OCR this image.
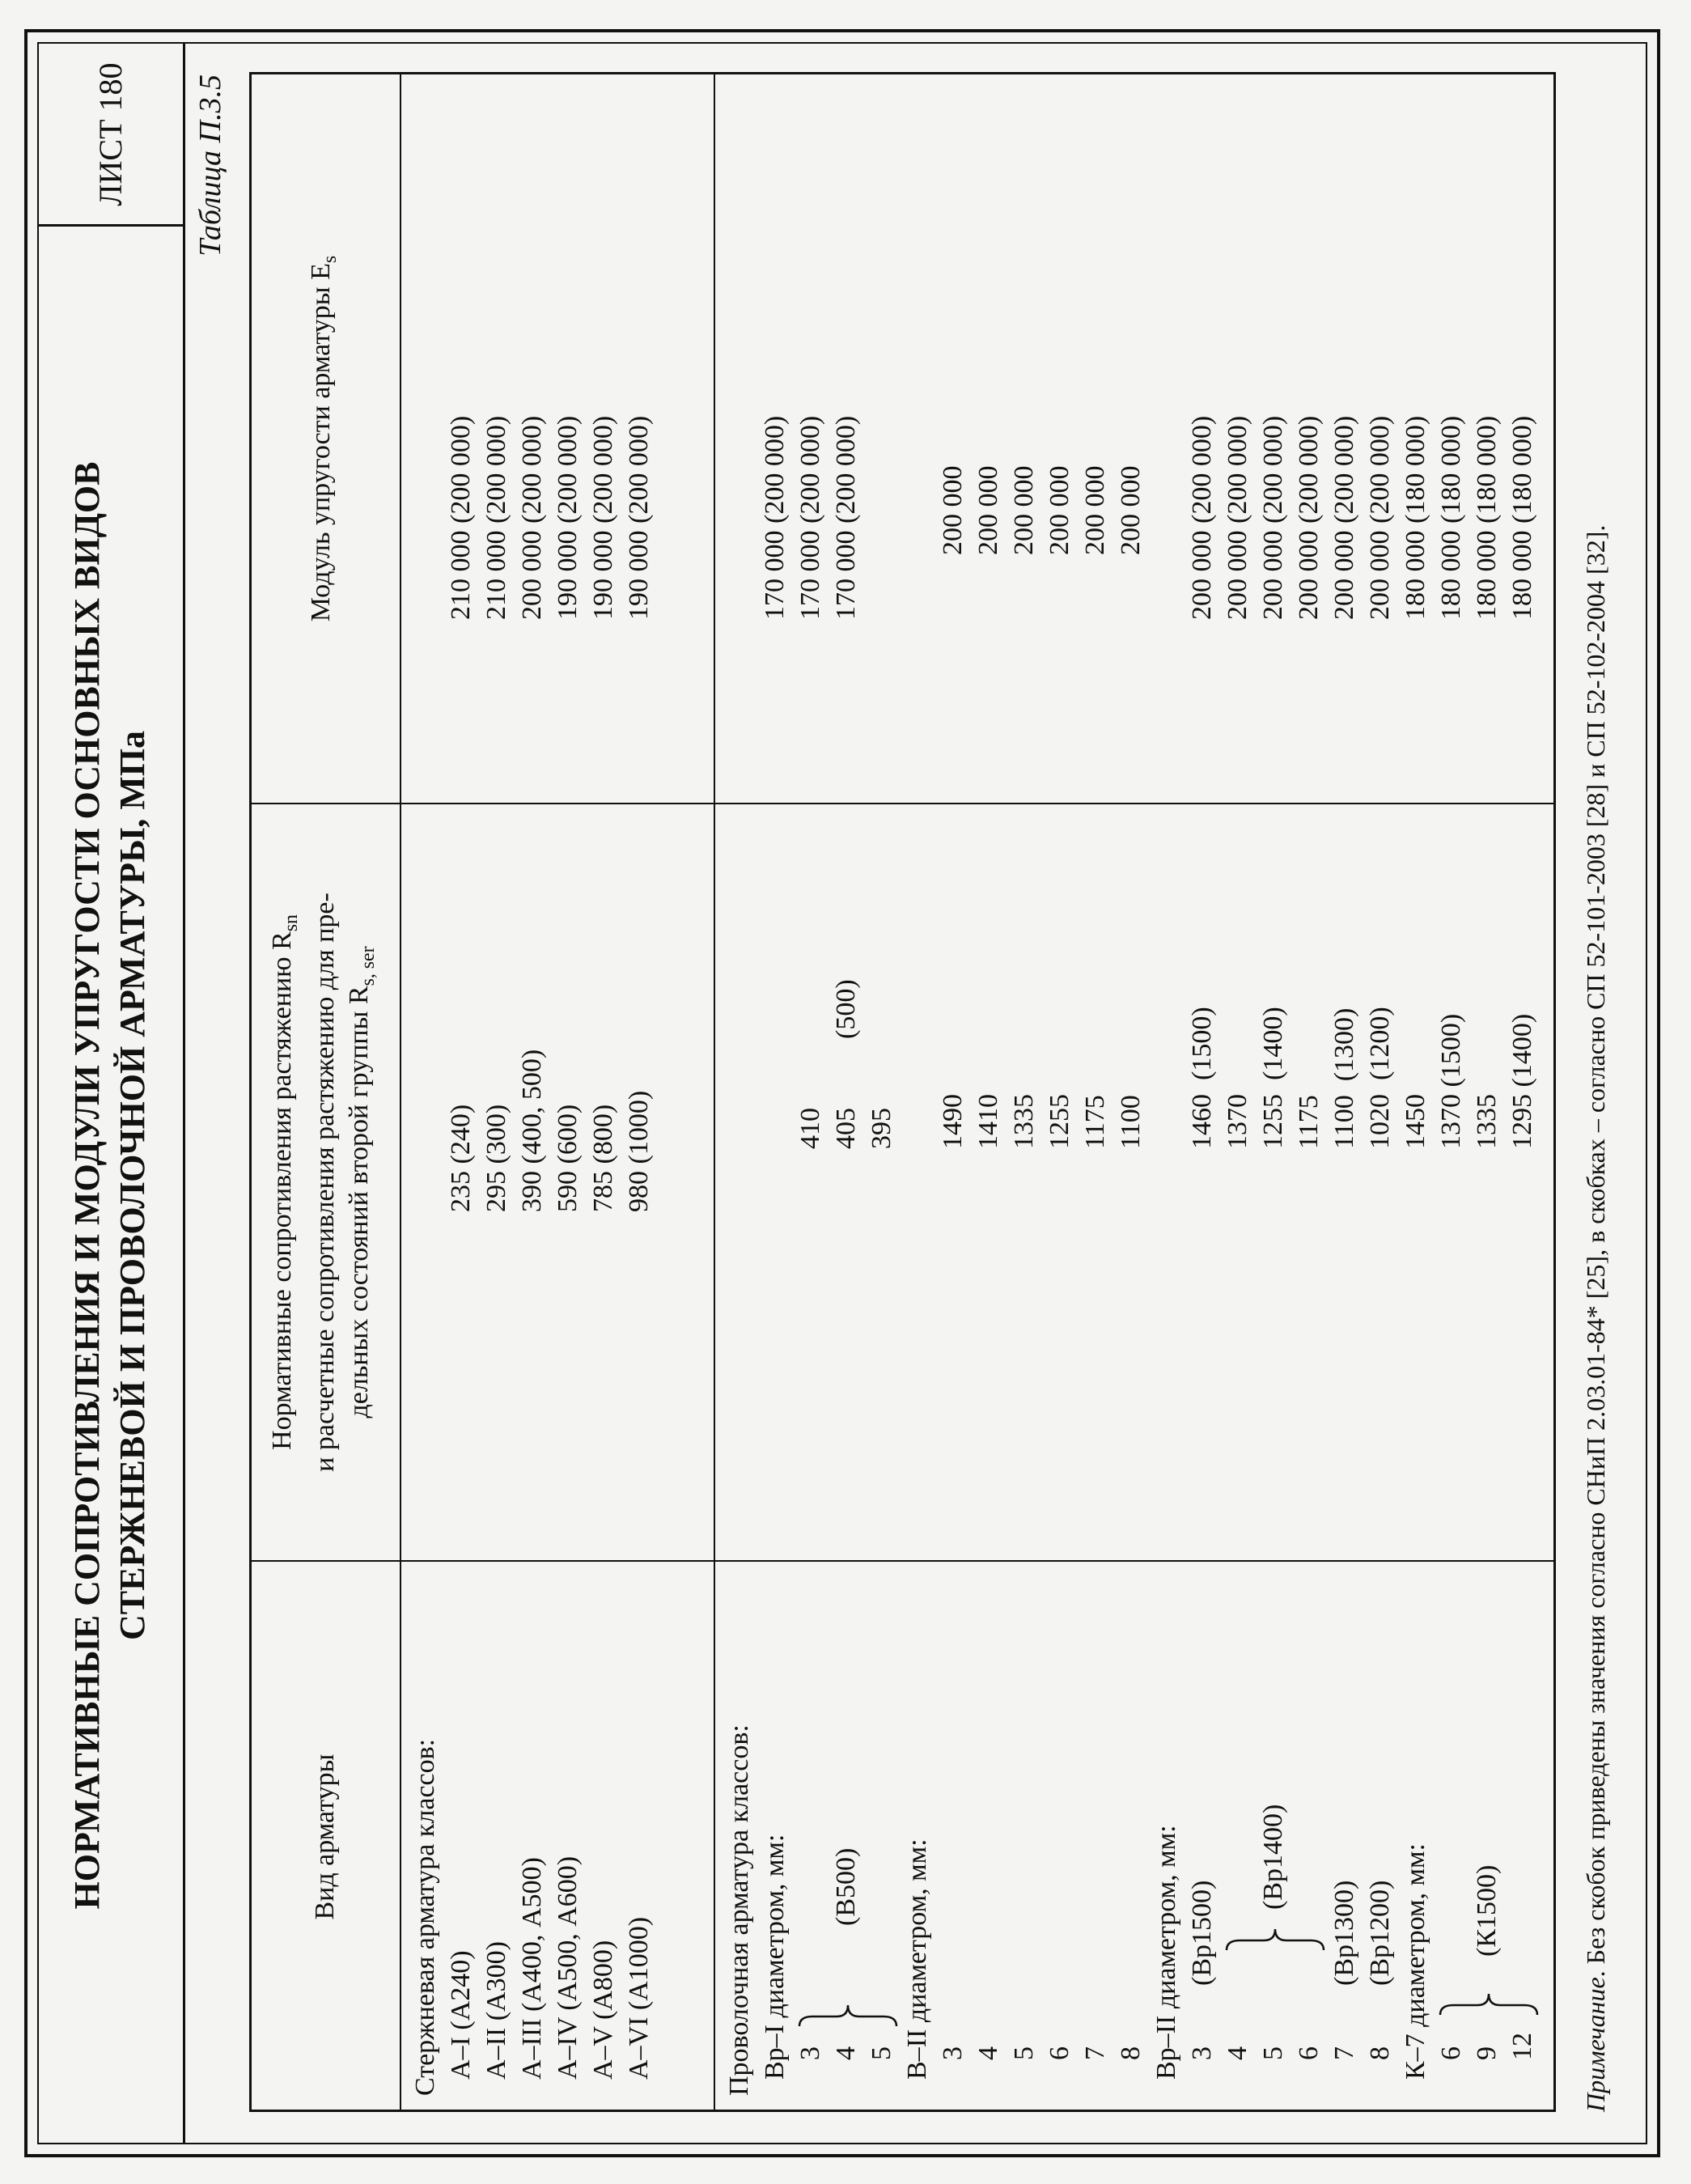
НОРМАТИВНЫЕ СОПРОТИВЛЕНИЯ И МОДУЛИ УПРУГОСТИ ОСНОВНЫХ ВИДОВ СТЕРЖНЕВОЙ И ПРОВОЛОЧНОЙ АРМАТУРЫ, МПа
ЛИСТ 180	Таблица П.3.5
Вид арматуры
Нормативные сопротивления растяжению $R_{sn}$ и расчетные сопротивления растяжению для пре- дельных состояний второй группы $R_{s, ser}$
Модуль упругости арматуры $E_s$
Стержневая арматура классов: А–I (А240) А–II (А300) А–III (А400, А500) А–IV (А500, А600) А–V (А800) А–VI (А1000)
235 (240) 295 (300) 390 (400, 500) 590 (600) 785 (800) 980 (1000)
210 000 (200 000) 210 000 (200 000) 200 000 (200 000) 190 000 (200 000) 190 000 (200 000) 190 000 (200 000)
Проволочная арматура классов: Вр–I диаметром, мм: 3 4 5
(В500)
410 405 395
(500)
170 000 (200 000) 170 000 (200 000) 170 000 (200 000)
В–II диаметром, мм: 3 4 5 6 7 8
1490 1410 1335 1255 1175 1100
200 000 200 000 200 000 200 000 200 000 200 000
Вр–II диаметром, мм: 3 4 5 6 7 8
(Вр1500)
(Вр1400)
(Вр1300) (Вр1200)
1460  (1500) 1370 1255  (1400) 1175 1100  (1300) 1020  (1200)
200 000 (200 000) 200 000 (200 000) 200 000 (200 000) 200 000 (200 000) 200 000 (200 000) 200 000 (200 000)
К–7 диаметром, мм: 6 9 12
(К1500)
1450 1370 (1500) 1335 1295 (1400)
180 000 (180 000) 180 000 (180 000) 180 000 (180 000) 180 000 (180 000)
Примечание. Без скобок приведены значения согласно СНиП 2.03.01-84* [25], в скобках – согласно СП 52-101-2003 [28] и СП 52-102-2004 [32].
